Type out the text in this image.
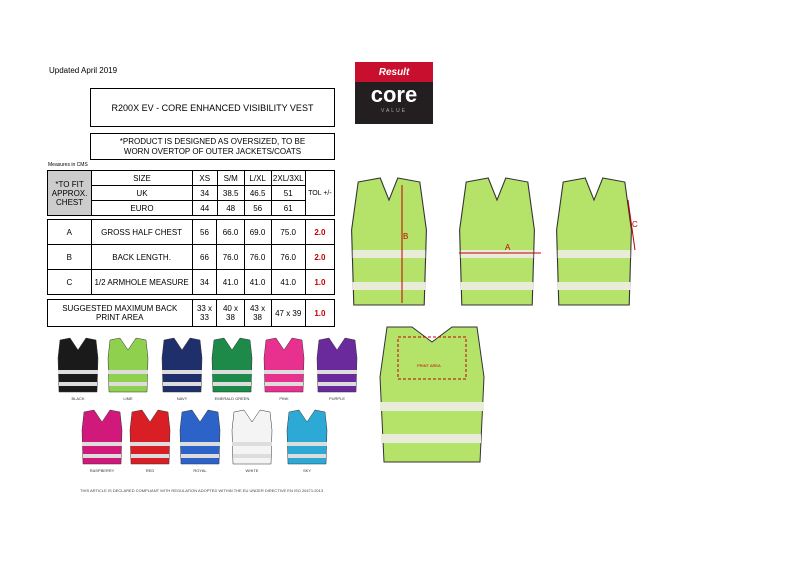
Updated April 2019	Result
core
VALUE
R200X EV - CORE ENHANCED VISIBILITY VEST
*PRODUCT IS DESIGNED AS OVERSIZED, TO BE WORN OVERTOP OF OUTER JACKETS/COATS
Measures in CMS
*TO FIT APPROX. CHEST	SIZE	XS	S/M	L/XL	2XL/3XL	TOL +/-
	UK	34	38.5	46.5	51	
	EURO	44	48	56	61	
A	GROSS HALF CHEST	56	66.0	69.0	75.0	2.0
B	BACK LENGTH.	66	76.0	76.0	76.0	2.0
C	1/2 ARMHOLE MEASURE	34	41.0	41.0	41.0	1.0
SUGGESTED MAXIMUM BACK PRINT AREA	33 x 33	40 x 38	43 x 38	47 x 39	1.0
B
A
C
PRINT AREA
BLACK	LIME	NAVY	EMERALD GREEN	PINK	PURPLE
RASPBERRY	RED	ROYAL	WHITE	SKY
THIS ARTICLE IS DECLARED COMPLIANT WITH REGULATION ADOPTED WITHIN THE EU UNDER DIRECTIVE EN ISO 20471:2013
